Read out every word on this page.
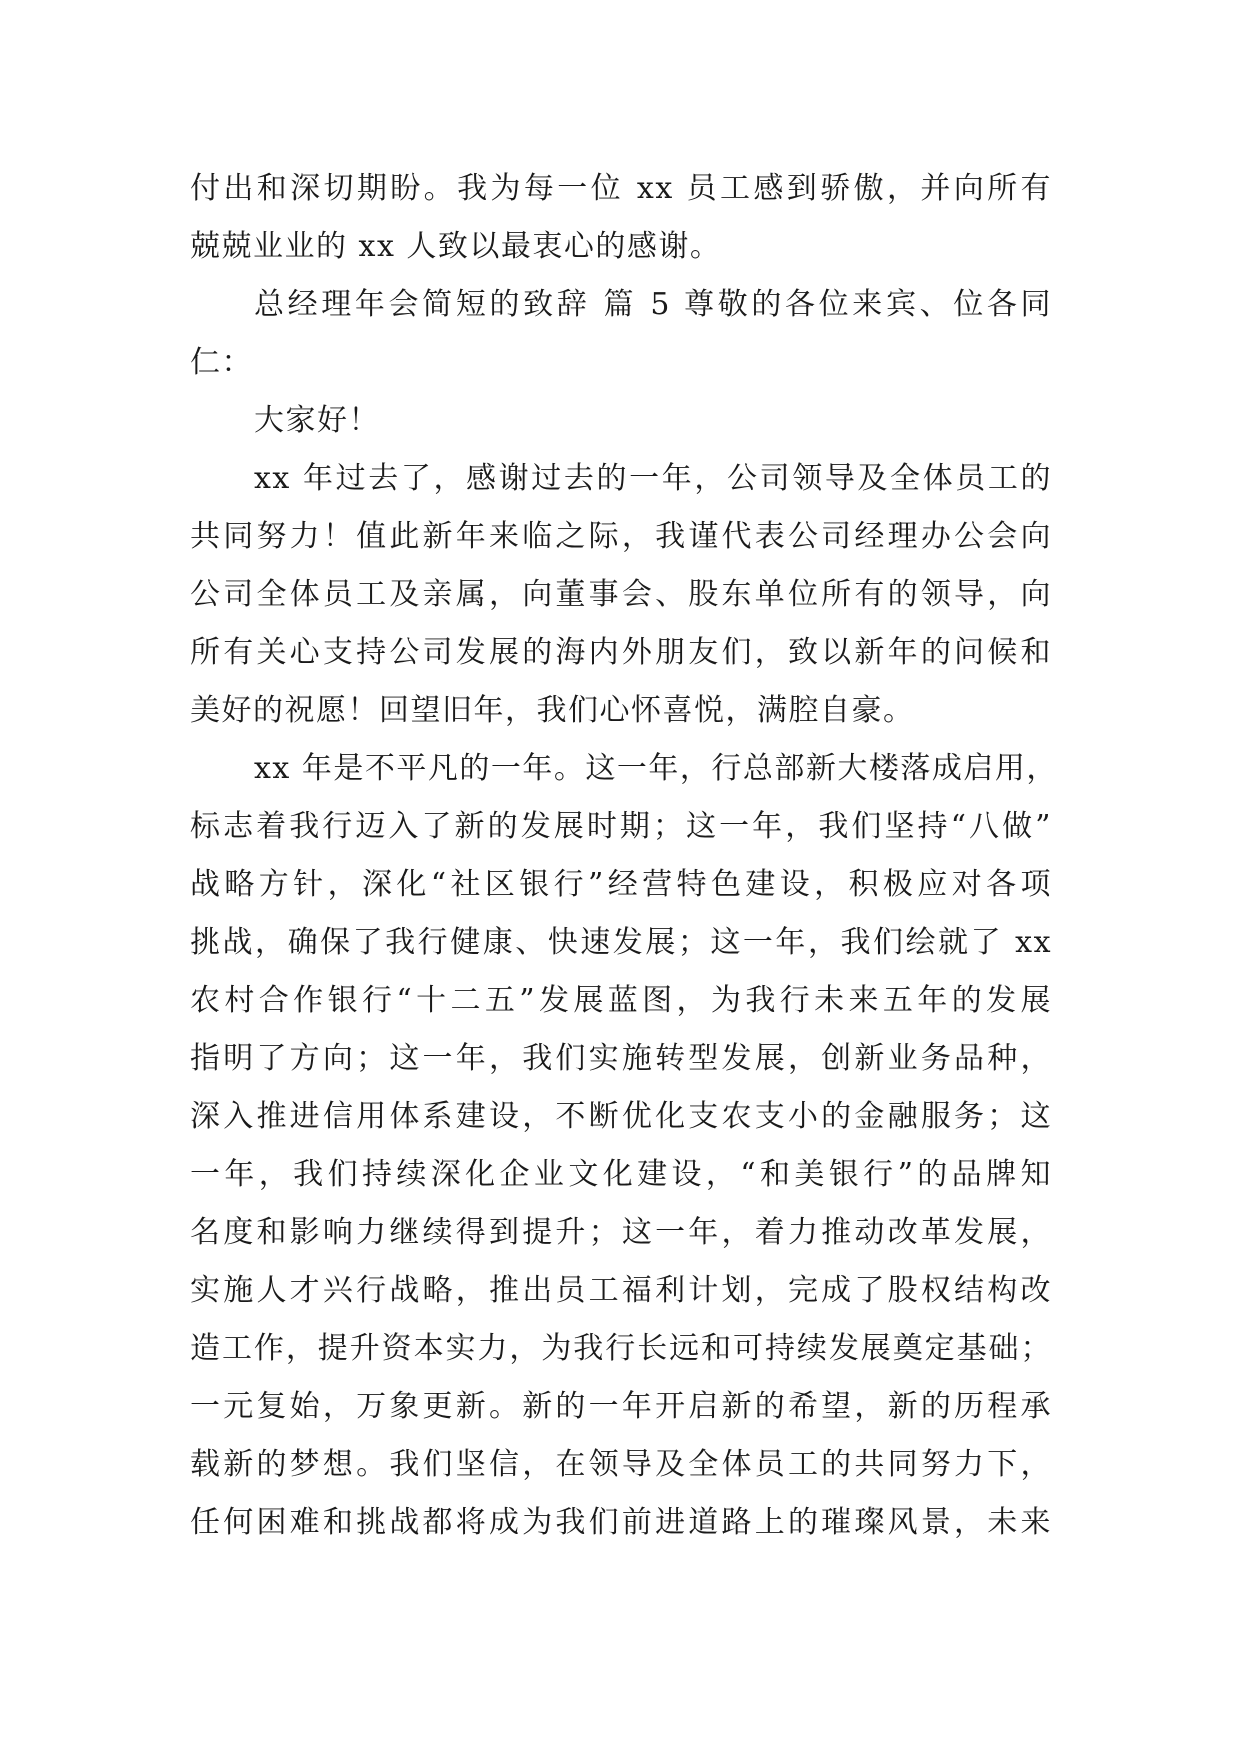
付出和深切期盼。我为每一位 xx 员工感到骄傲，并向所有
兢兢业业的 xx 人致以最衷心的感谢。
总经理年会简短的致辞 篇 5 尊敬的各位来宾、位各同
仁：
大家好！
xx 年过去了，感谢过去的一年，公司领导及全体员工的
共同努力！值此新年来临之际，我谨代表公司经理办公会向
公司全体员工及亲属，向董事会、股东单位所有的领导，向
所有关心支持公司发展的海内外朋友们，致以新年的问候和
美好的祝愿！回望旧年，我们心怀喜悦，满腔自豪。
xx 年是不平凡的一年。这一年，行总部新大楼落成启用，
标志着我行迈入了新的发展时期；这一年，我们坚持“八做”
战略方针，深化“社区银行”经营特色建设，积极应对各项
挑战，确保了我行健康、快速发展；这一年，我们绘就了 xx
农村合作银行“十二五”发展蓝图，为我行未来五年的发展
指明了方向；这一年，我们实施转型发展，创新业务品种，
深入推进信用体系建设，不断优化支农支小的金融服务；这
一年，我们持续深化企业文化建设，“和美银行”的品牌知
名度和影响力继续得到提升；这一年，着力推动改革发展，
实施人才兴行战略，推出员工福利计划，完成了股权结构改
造工作，提升资本实力，为我行长远和可持续发展奠定基础；
一元复始，万象更新。新的一年开启新的希望，新的历程承
载新的梦想。我们坚信，在领导及全体员工的共同努力下，
任何困难和挑战都将成为我们前进道路上的璀璨风景，未来
